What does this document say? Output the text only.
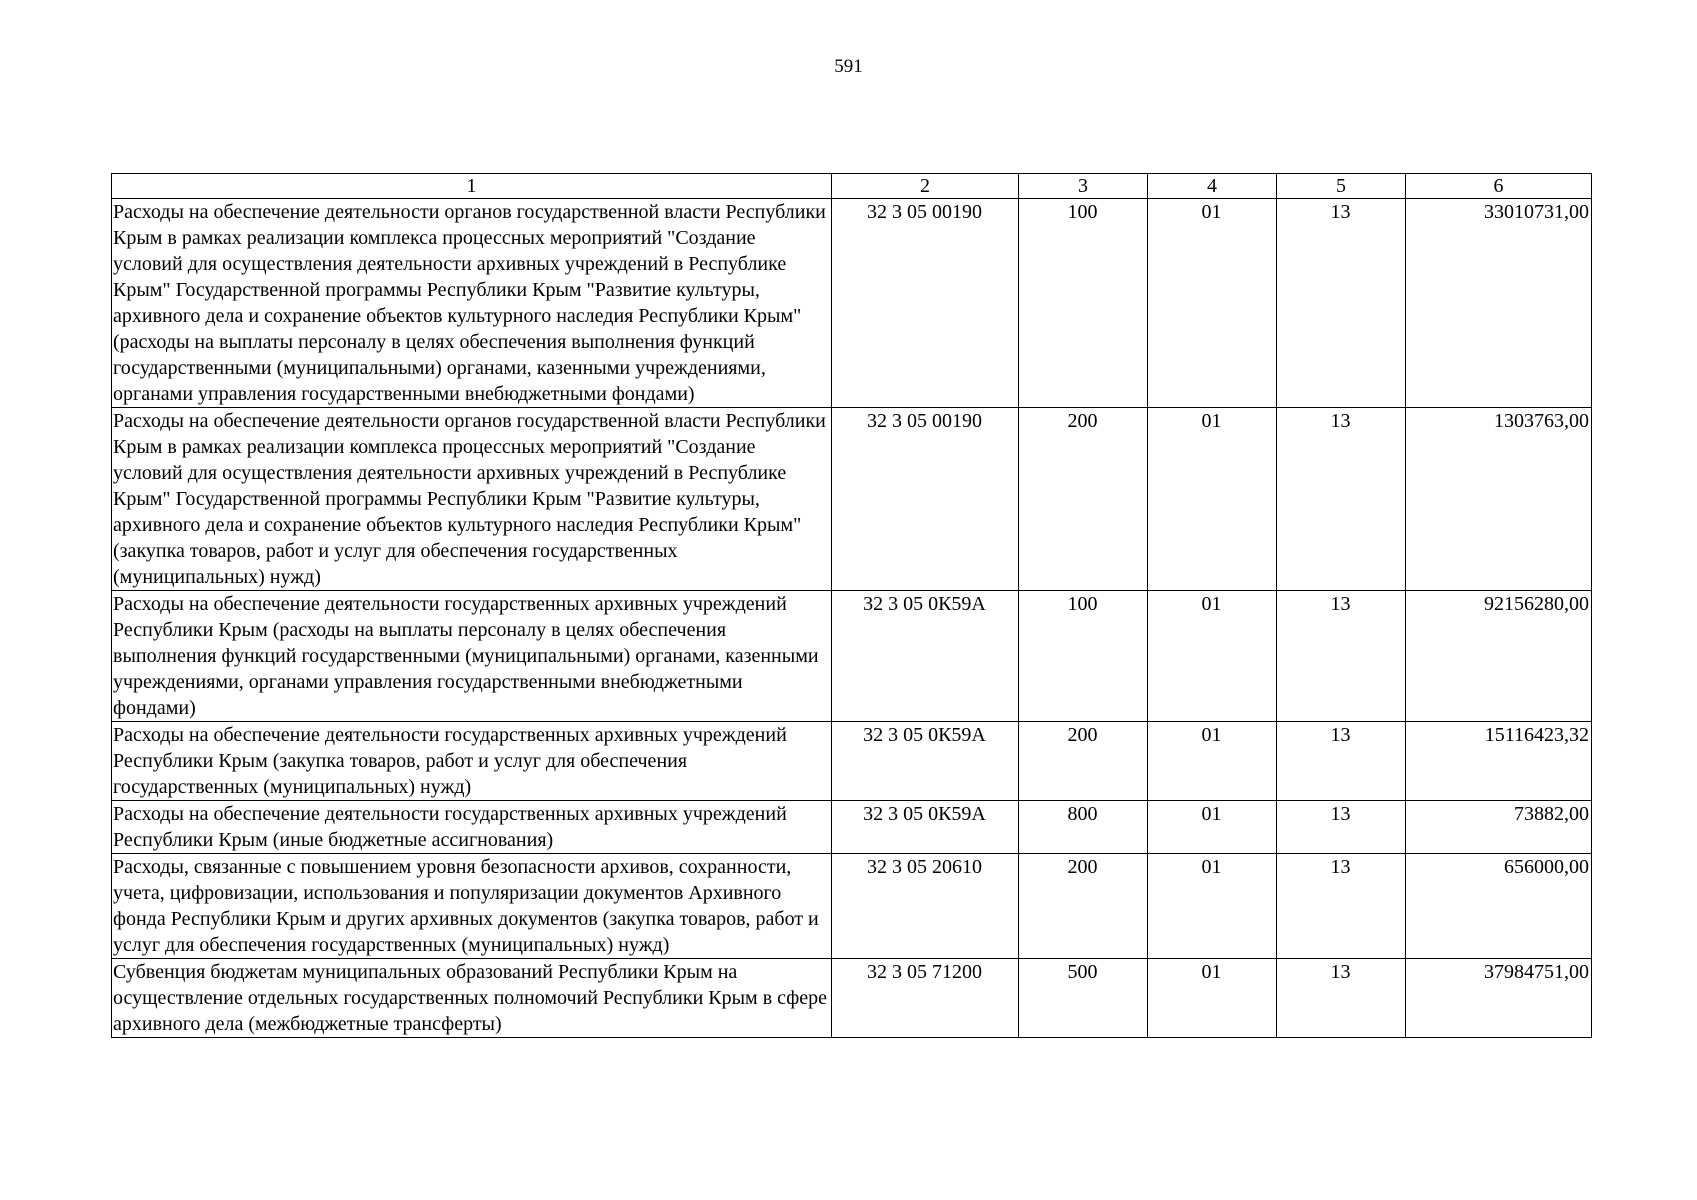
591
1	2	3	4	5	6
Расходы на обеспечение деятельности органов государственной власти Республики Крым в рамках реализации комплекса процессных мероприятий "Создание условий для осуществления деятельности архивных учреждений в Республике Крым" Государственной программы Республики Крым "Развитие культуры, архивного дела и сохранение объектов культурного наследия Республики Крым" (расходы на выплаты персоналу в целях обеспечения выполнения функций государственными (муниципальными) органами, казенными учреждениями, органами управления государственными внебюджетными фондами)	32 3 05 00190	100	01	13	33010731,00
Расходы на обеспечение деятельности органов государственной власти Республики Крым в рамках реализации комплекса процессных мероприятий "Создание условий для осуществления деятельности архивных учреждений в Республике Крым" Государственной программы Республики Крым "Развитие культуры, архивного дела и сохранение объектов культурного наследия Республики Крым" (закупка товаров, работ и услуг для обеспечения государственных (муниципальных) нужд)	32 3 05 00190	200	01	13	1303763,00
Расходы на обеспечение деятельности государственных архивных учреждений Республики Крым (расходы на выплаты персоналу в целях обеспечения выполнения функций государственными (муниципальными) органами, казенными учреждениями, органами управления государственными внебюджетными фондами)	32 3 05 0К59А	100	01	13	92156280,00
Расходы на обеспечение деятельности государственных архивных учреждений Республики Крым (закупка товаров, работ и услуг для обеспечения государственных (муниципальных) нужд)	32 3 05 0К59А	200	01	13	15116423,32
Расходы на обеспечение деятельности государственных архивных учреждений Республики Крым (иные бюджетные ассигнования)	32 3 05 0К59А	800	01	13	73882,00
Расходы, связанные с повышением уровня безопасности архивов, сохранности, учета, цифровизации, использования и популяризации документов Архивного фонда Республики Крым и других архивных документов (закупка товаров, работ и услуг для обеспечения государственных (муниципальных) нужд)	32 3 05 20610	200	01	13	656000,00
Субвенция бюджетам муниципальных образований Республики Крым на осуществление отдельных государственных полномочий Республики Крым в сфере архивного дела (межбюджетные трансферты)	32 3 05 71200	500	01	13	37984751,00
